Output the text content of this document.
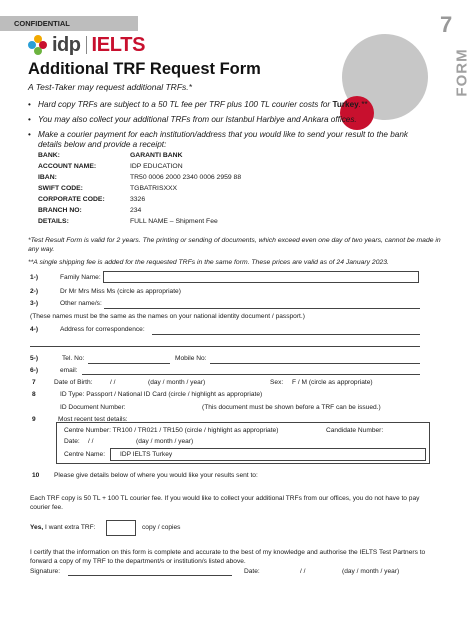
CONFIDENTIAL	7
FORM
idp IELTS
Additional TRF Request Form
A Test-Taker may request additional TRFs.*
• Hard copy TRFs are subject to a 50 TL fee per TRF plus 100 TL courier costs for Turkey.**
• You may also collect your additional TRFs from our Istanbul Harbiye and Ankara offices.
• Make a courier payment for each institution/address that you would like to send your result to the bank details below and provide a receipt:
BANK:	GARANTI BANK
ACCOUNT NAME:	IDP EDUCATION
IBAN:	TR50 0006 2000 2340 0006 2959 88
SWIFT CODE:	TGBATRISXXX
CORPORATE CODE:	3326
BRANCH NO:	234
DETAILS:	FULL NAME – Shipment Fee
*Test Result Form is valid for 2 years. The printing or sending of documents, which exceed even one day of two years, cannot be made in any way.
**A single shipping fee is added for the requested TRFs in the same form. These prices are valid as of 24 January 2023.
1-)	Family Name:
2-)	Dr Mr Mrs Miss Ms (circle as appropriate)
3-)	Other name/s:
(These names must be the same as the names on your national identity document / passport.)
4-)	Address for correspondence:
5-)	Tel. No:	Mobile No:
6-)	email:
7	Date of Birth:	/ /	(day / month / year)	Sex: F / M (circle as appropriate)
8	ID Type: Passport / National ID Card (circle / highlight as appropriate)
ID Document Number:	(This document must be shown before a TRF can be issued.)
9	Most recent test details:
Centre Number: TR100 / TR021 / TR150 (circle / highlight as appropriate)	Candidate Number:
Date: / /	(day / month / year)
Centre Name: IDP IELTS Turkey
10 Please give details below of where you would like your results sent to:
Each TRF copy is 50 TL + 100 TL courier fee. If you would like to collect your additional TRFs from our offices, you do not have to pay courier fee.
Yes, I want extra TRF:	copy / copies
I certify that the information on this form is complete and accurate to the best of my knowledge and authorise the IELTS Test Partners to forward a copy of my TRF to the department/s or institution/s listed above.
Signature:	Date:	/ /	(day / month / year)
